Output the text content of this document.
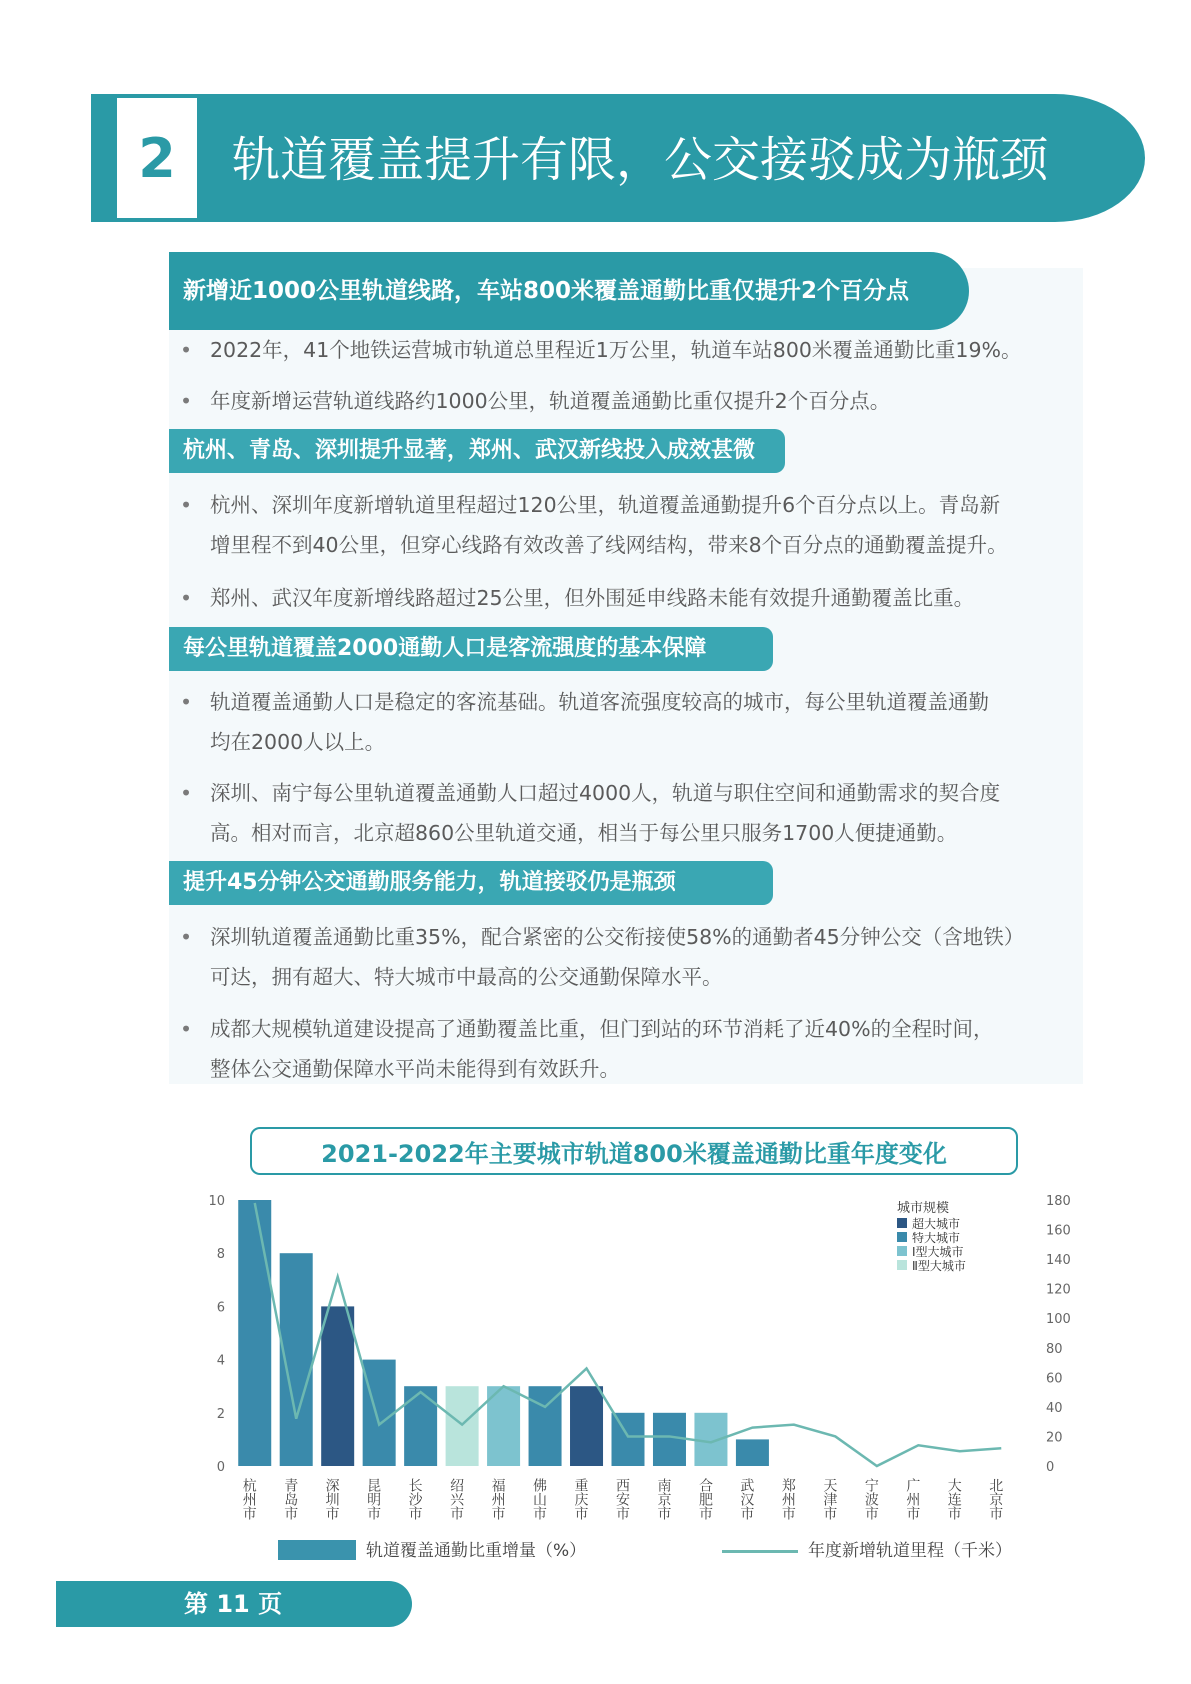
2 轨道覆盖提升有限，公交接驳成为瓶颈
新增近1000公里轨道线路，车站800米覆盖通勤比重仅提升2个百分点
• 2022年，41个地铁运营城市轨道总里程近1万公里，轨道车站800米覆盖通勤比重19%。
• 年度新增运营轨道线路约1000公里，轨道覆盖通勤比重仅提升2个百分点。
杭州、青岛、深圳提升显著，郑州、武汉新线投入成效甚微
• 杭州、深圳年度新增轨道里程超过120公里，轨道覆盖通勤提升6个百分点以上。青岛新
增里程不到40公里，但穿心线路有效改善了线网结构，带来8个百分点的通勤覆盖提升。
• 郑州、武汉年度新增线路超过25公里，但外围延申线路未能有效提升通勤覆盖比重。
每公里轨道覆盖2000通勤人口是客流强度的基本保障
• 轨道覆盖通勤人口是稳定的客流基础。轨道客流强度较高的城市，每公里轨道覆盖通勤
均在2000人以上。
• 深圳、南宁每公里轨道覆盖通勤人口超过4000人，轨道与职住空间和通勤需求的契合度
高。相对而言，北京超860公里轨道交通，相当于每公里只服务1700人便捷通勤。
提升45分钟公交通勤服务能力，轨道接驳仍是瓶颈
• 深圳轨道覆盖通勤比重35%，配合紧密的公交衔接使58%的通勤者45分钟公交（含地铁）
可达，拥有超大、特大城市中最高的公交通勤保障水平。
• 成都大规模轨道建设提高了通勤覆盖比重，但门到站的环节消耗了近40%的全程时间，
整体公交通勤保障水平尚未能得到有效跃升。
2021-2022年主要城市轨道800米覆盖通勤比重年度变化
0
2
4
6
8
10
0
20
40
60
80
100
120
140
160
180
杭州市 青岛市 深圳市 昆明市 长沙市 绍兴市 福州市 佛山市 重庆市 西安市 南京市 合肥市 武汉市 郑州市 天津市 宁波市 广州市 大连市 北京市
城市规模
超大城市
特大城市
Ⅰ型大城市
Ⅱ型大城市
轨道覆盖通勤比重增量（%）	年度新增轨道里程（千米）
第 11 页
